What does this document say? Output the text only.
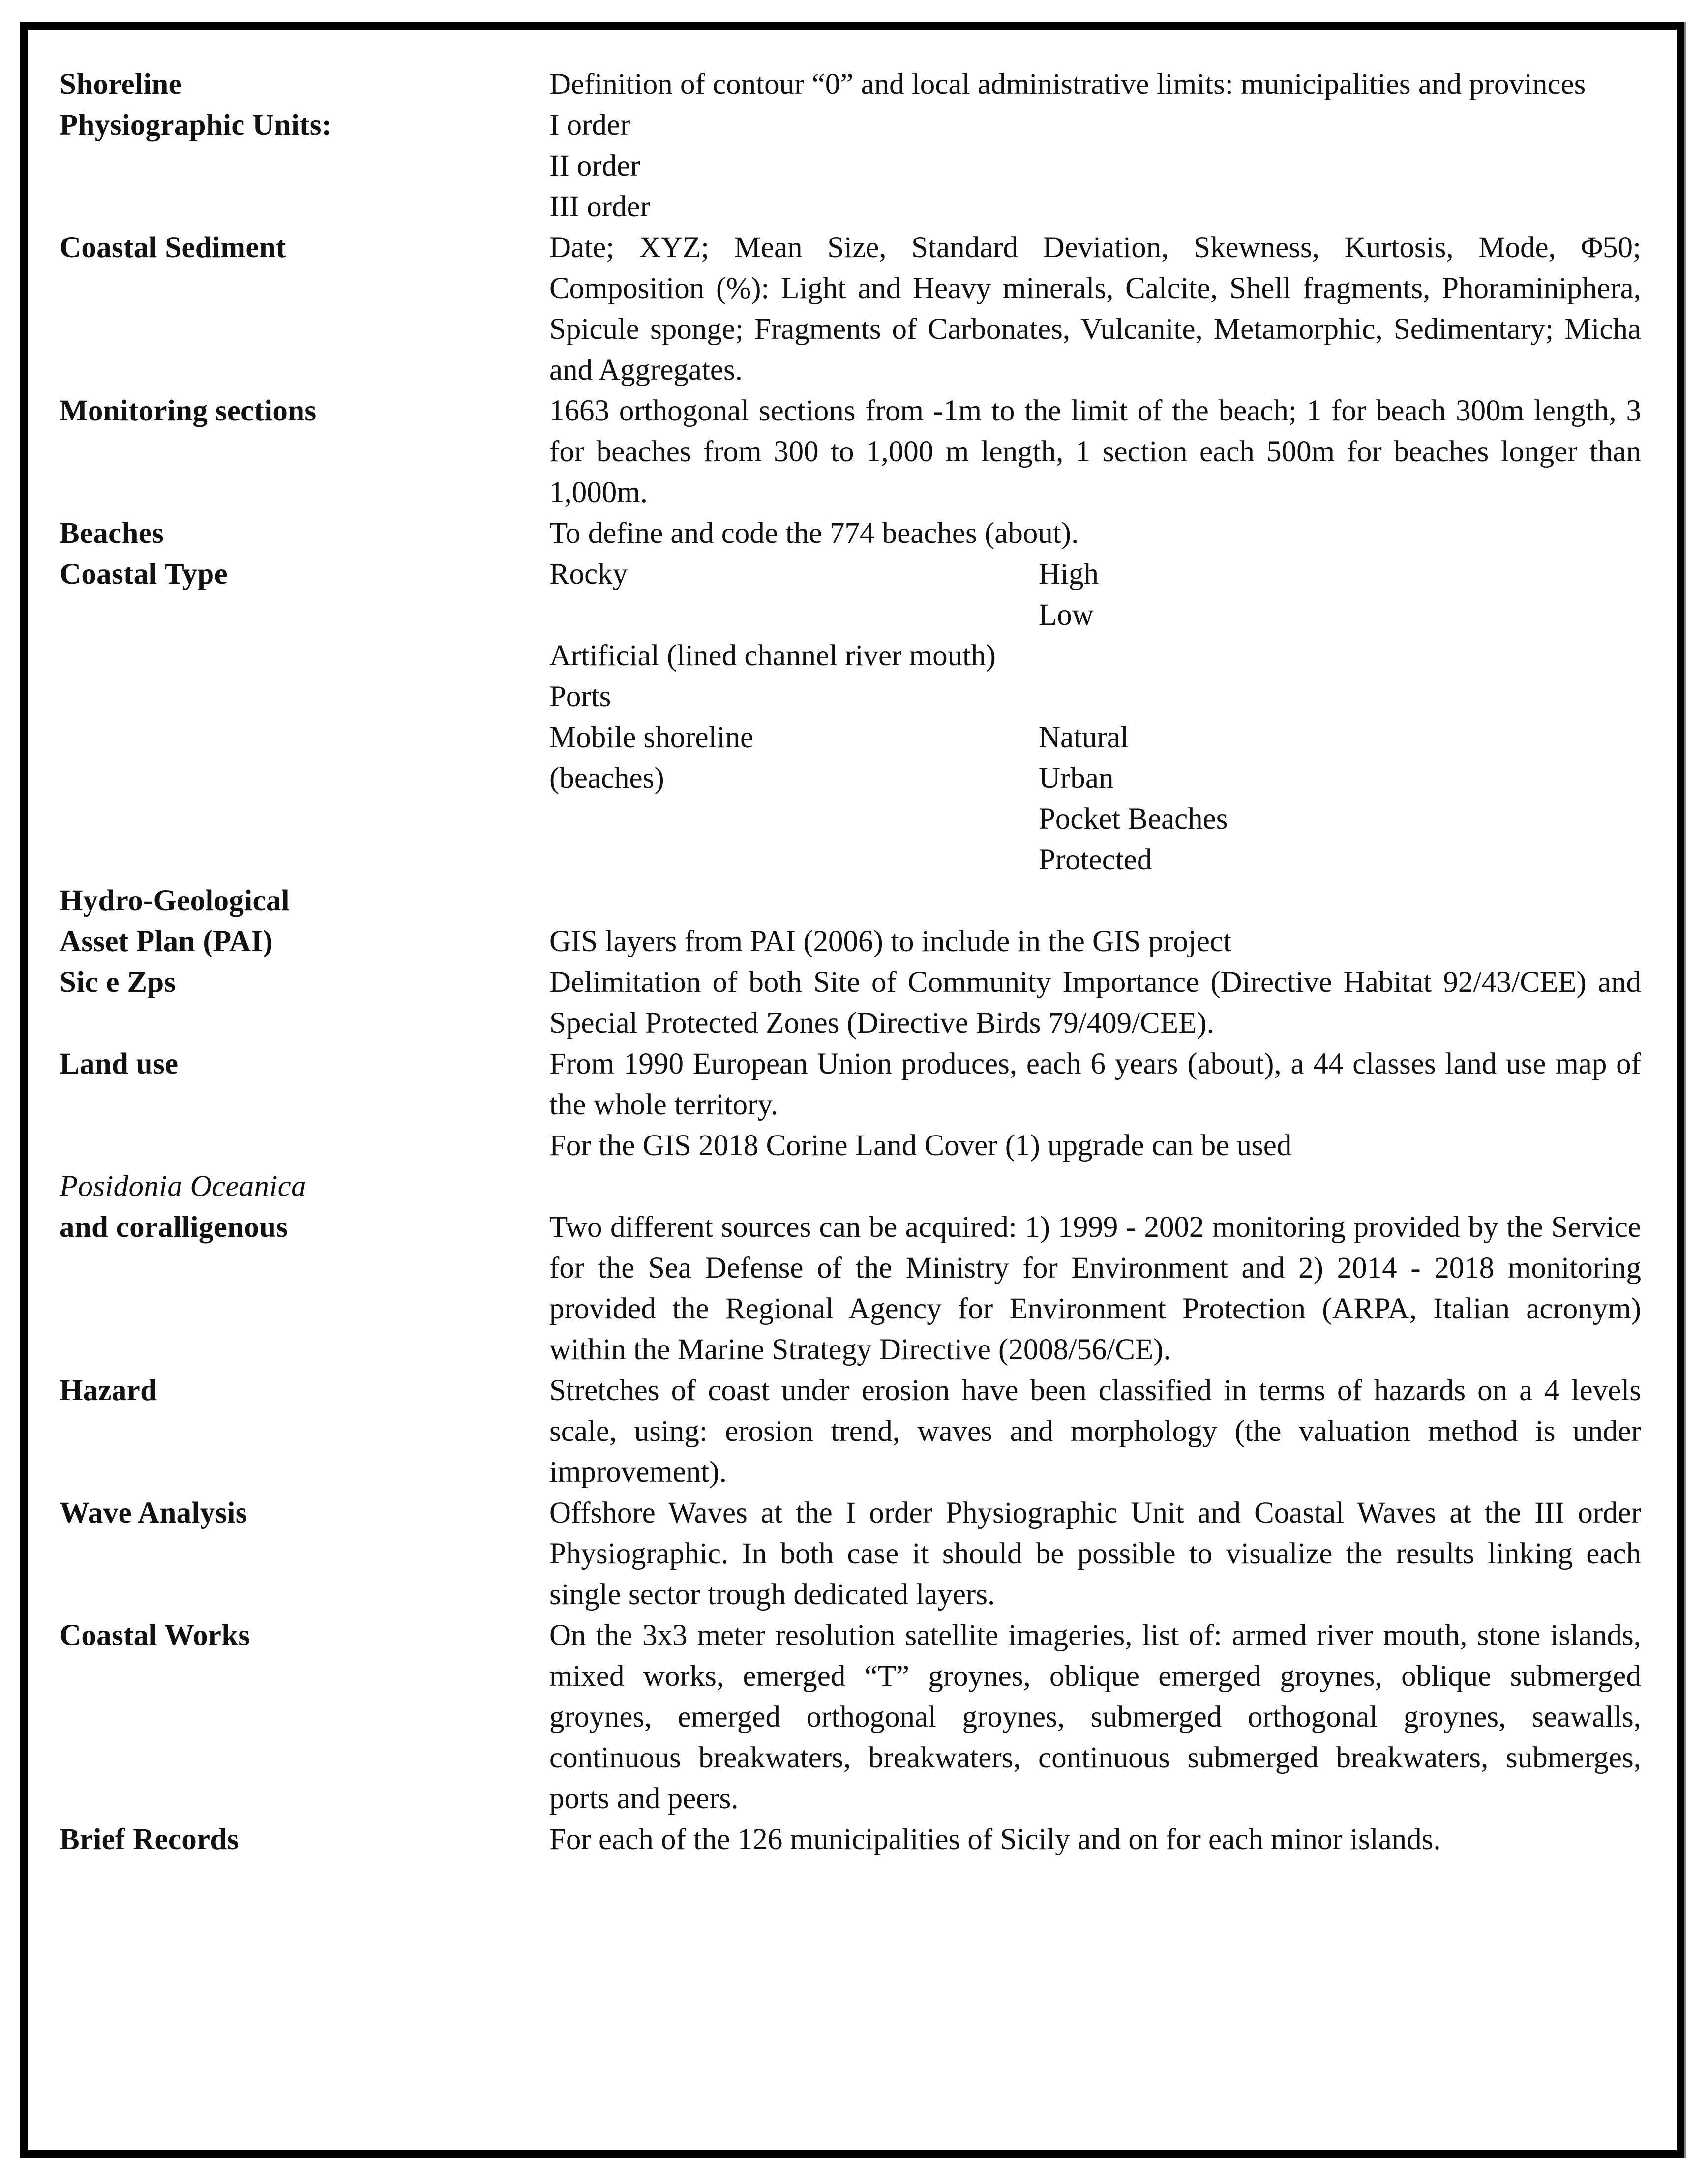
Shoreline	Definition of contour “0” and local administrative limits: municipalities and provinces
Physiographic Units:	I order
II order
III order
Coastal Sediment	Date; XYZ; Mean Size, Standard Deviation, Skewness, Kurtosis, Mode, Φ50; Composition (%): Light and Heavy minerals, Calcite, Shell fragments, Phoraminiphera, Spicule sponge; Fragments of Carbonates, Vulcanite, Metamorphic, Sedimentary; Micha and Aggregates.
Monitoring sections	1663 orthogonal sections from -1m to the limit of the beach; 1 for beach 300m length, 3 for beaches from 300 to 1,000 m length, 1 section each 500m for beaches longer than 1,000m.
Beaches	To define and code the 774 beaches (about).
Coastal Type	Rocky	High
Low
Artificial (lined channel river mouth)
Ports
Mobile shoreline	Natural
(beaches)	Urban
Pocket Beaches
Protected
Hydro-Geological
Asset Plan (PAI)	GIS layers from PAI (2006) to include in the GIS project
Sic e Zps	Delimitation of both Site of Community Importance (Directive Habitat 92/43/CEE) and Special Protected Zones (Directive Birds 79/409/CEE).
Land use	From 1990 European Union produces, each 6 years (about), a 44 classes land use map of the whole territory.
For the GIS 2018 Corine Land Cover (1) upgrade can be used
Posidonia Oceanica
and coralligenous	Two different sources can be acquired: 1) 1999 - 2002 monitoring provided by the Service for the Sea Defense of the Ministry for Environment and 2) 2014 - 2018 monitoring provided the Regional Agency for Environment Protection (ARPA, Italian acronym) within the Marine Strategy Directive (2008/56/CE).
Hazard	Stretches of coast under erosion have been classified in terms of hazards on a 4 levels scale, using: erosion trend, waves and morphology (the valuation method is under improvement).
Wave Analysis	Offshore Waves at the I order Physiographic Unit and Coastal Waves at the III order Physiographic. In both case it should be possible to visualize the results linking each single sector trough dedicated layers.
Coastal Works	On the 3x3 meter resolution satellite imageries, list of: armed river mouth, stone islands, mixed works, emerged “T” groynes, oblique emerged groynes, oblique submerged groynes, emerged orthogonal groynes, submerged orthogonal groynes, seawalls, continuous breakwaters, breakwaters, continuous submerged breakwaters, submerges, ports and peers.
Brief Records	For each of the 126 municipalities of Sicily and on for each minor islands.
